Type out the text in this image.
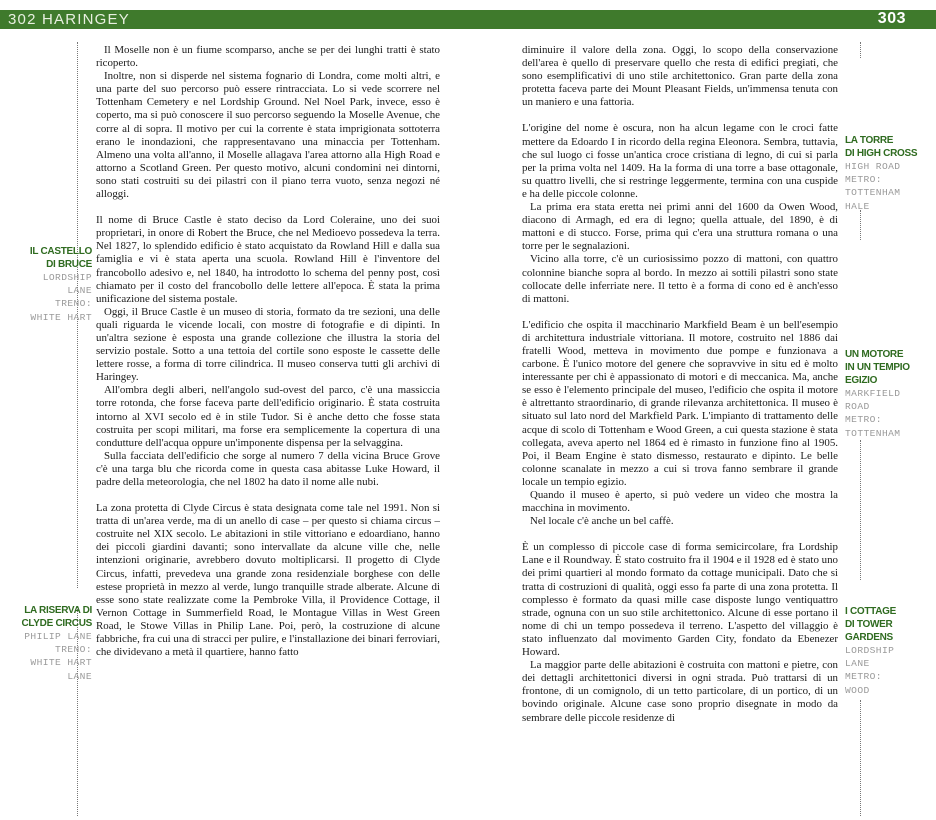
302 HARINGEY	303

Il Moselle non è un fiume scomparso, anche se per dei lunghi tratti è stato ricoperto.

Inoltre, non si disperde nel sistema fognario di Londra, come molti altri, e una parte del suo percorso può essere rintracciata. Lo si vede scorrere nel Tottenham Cemetery e nel Lordship Ground. Nel Noel Park, invece, esso è coperto, ma si può conoscere il suo percorso seguendo la Moselle Avenue, che corre al di sopra. Il motivo per cui la corrente è stata imprigionata sottoterra erano le inondazioni, che rappresentavano una minaccia per Tottenham. Almeno una volta all'anno, il Moselle allagava l'area attorno alla High Road e attorno a Scotland Green. Per questo motivo, alcuni condomini nei dintorni, sono stati costruiti su dei pilastri con il piano terra vuoto, senza negozi né alloggi.

Il nome di Bruce Castle è stato deciso da Lord Coleraine, uno dei suoi proprietari, in onore di Robert the Bruce, che nel Medioevo possedeva la terra. Nel 1827, lo splendido edificio è stato acquistato da Rowland Hill e dalla sua famiglia e vi è stata aperta una scuola. Rowland Hill è l'inventore del francobollo adesivo e, nel 1840, ha introdotto lo schema del penny post, così chiamato per il costo del francobollo delle lettere all'epoca. È stata la prima unificazione del sistema postale.

Oggi, il Bruce Castle è un museo di storia, formato da tre sezioni, una delle quali riguarda le vicende locali, con mostre di fotografie e di dipinti. In un'altra sezione è esposta una grande collezione che illustra la storia del servizio postale. Sotto a una tettoia del cortile sono esposte le cassette delle lettere rosse, a forma di torre cilindrica. Il museo conserva tutti gli archivi di Haringey.

All'ombra degli alberi, nell'angolo sud-ovest del parco, c'è una massiccia torre rotonda, che forse faceva parte dell'edificio originario. È stata costruita intorno al XVI secolo ed è in stile Tudor. Si è anche detto che fosse stata costruita per scopi militari, ma forse era semplicemente la copertura di una condutture dell'acqua oppure un'imponente dispensa per la selvaggina.

Sulla facciata dell'edificio che sorge al numero 7 della vicina Bruce Grove c'è una targa blu che ricorda come in questa casa abitasse Luke Howard, il padre della meteorologia, che nel 1802 ha dato il nome alle nubi.

La zona protetta di Clyde Circus è stata designata come tale nel 1991. Non si tratta di un'area verde, ma di un anello di case – per questo si chiama circus – costruite nel XIX secolo. Le abitazioni in stile vittoriano e edoardiano, hanno dei piccoli giardini davanti; sono intervallate da alcune ville che, nelle intenzioni originarie, avrebbero dovuto moltiplicarsi. Il progetto di Clyde Circus, infatti, prevedeva una grande zona residenziale borghese con delle estese proprietà in mezzo al verde, lungo tranquille strade alberate. Alcune di esse sono state realizzate come la Pembroke Villa, il Providence Cottage, il Vernon Cottage in Summerfield Road, le Montague Villas in West Green Road, le Stowe Villas in Philip Lane. Poi, però, la costruzione di alcune fabbriche, fra cui una di stracci per pulire, e l'installazione dei binari ferroviari, che dividevano a metà il quartiere, hanno fatto

IL CASTELLO
DI BRUCE
LORDSHIP
LANE
TRENO:
WHITE HART
LA RISERVA DI
CLYDE CIRCUS
PHILIP LANE
TRENO:
WHITE HART
LANE

diminuire il valore della zona. Oggi, lo scopo della conservazione dell'area è quello di preservare quello che resta di edifici pregiati, che sono esemplificativi di uno stile architettonico. Gran parte della zona protetta faceva parte dei Mount Pleasant Fields, un'immensa tenuta con un maniero e una fattoria.

L'origine del nome è oscura, non ha alcun legame con le croci fatte mettere da Edoardo I in ricordo della regina Eleonora. Sembra, tuttavia, che sul luogo ci fosse un'antica croce cristiana di legno, di cui si parla per la prima volta nel 1409. Ha la forma di una torre a base ottagonale, su quattro livelli, che si restringe leggermente, termina con una cuspide e ha delle piccole colonne.

La prima era stata eretta nei primi anni del 1600 da Owen Wood, diacono di Armagh, ed era di legno; quella attuale, del 1890, è di mattoni e di stucco. Forse, prima qui c'era una struttura romana o una torre per le segnalazioni.

Vicino alla torre, c'è un curiosissimo pozzo di mattoni, con quattro colonnine bianche sopra al bordo. In mezzo ai sottili pilastri sono state collocate delle inferriate nere. Il tetto è a forma di cono ed è anch'esso di mattoni.

L'edificio che ospita il macchinario Markfield Beam è un bell'esempio di architettura industriale vittoriana. Il motore, costruito nel 1886 dai fratelli Wood, metteva in movimento due pompe e funzionava a carbone. È l'unico motore del genere che sopravvive in situ ed è molto interessante per chi è appassionato di motori e di meccanica. Ma, anche se esso è l'elemento principale del museo, l'edificio che ospita il motore è altrettanto straordinario, di grande rilevanza architettonica. Il museo è situato sul lato nord del Markfield Park. L'impianto di trattamento delle acque di scolo di Tottenham e Wood Green, a cui questa stazione è stata collegata, aveva aperto nel 1864 ed è rimasto in funzione fino al 1905. Poi, il Beam Engine è stato dismesso, restaurato e dipinto. Le belle colonne scanalate in mezzo a cui si trova fanno sembrare il grande locale un tempio egizio.

Quando il museo è aperto, si può vedere un video che mostra la macchina in movimento.

Nel locale c'è anche un bel caffè.

È un complesso di piccole case di forma semicircolare, fra Lordship Lane e il Roundway. È stato costruito fra il 1904 e il 1928 ed è stato uno dei primi quartieri al mondo formato da cottage municipali. Dato che si tratta di costruzioni di qualità, oggi esso fa parte di una zona protetta. Il complesso è formato da quasi mille case disposte lungo ventiquattro strade, ognuna con un suo stile architettonico. Alcune di esse portano il nome di chi un tempo possedeva il terreno. L'aspetto del villaggio è stato influenzato dal movimento Garden City, fondato da Ebenezer Howard.

La maggior parte delle abitazioni è costruita con mattoni e pietre, con dei dettagli architettonici diversi in ogni strada. Può trattarsi di un frontone, di un comignolo, di un tetto particolare, di un portico, di un bovindo originale. Alcune case sono proprio disegnate in modo da sembrare delle piccole residenze di

LA TORRE
DI HIGH CROSS
HIGH ROAD
METRO:
TOTTENHAM
HALE
UN MOTORE
IN UN TEMPIO
EGIZIO
MARKFIELD
ROAD
METRO:
TOTTENHAM
I COTTAGE
DI TOWER
GARDENS
LORDSHIP
LANE
METRO:
WOOD
